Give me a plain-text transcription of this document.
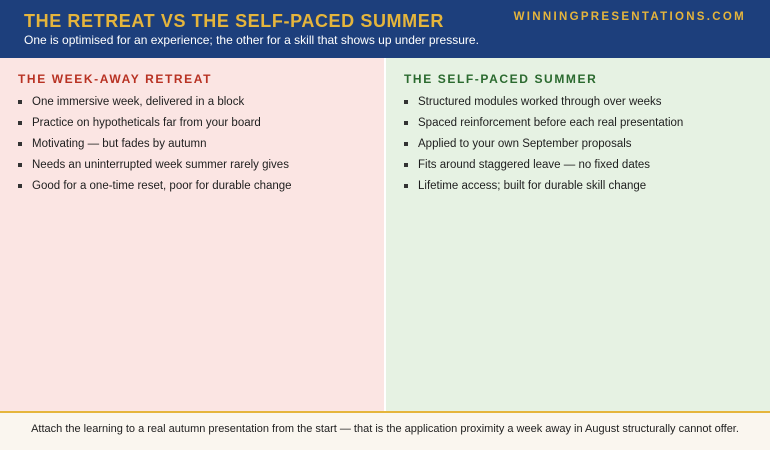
THE RETREAT VS THE SELF-PACED SUMMER
One is optimised for an experience; the other for a skill that shows up under pressure.
WINNINGPRESENTATIONS.COM
THE WEEK-AWAY RETREAT
One immersive week, delivered in a block
Practice on hypotheticals far from your board
Motivating — but fades by autumn
Needs an uninterrupted week summer rarely gives
Good for a one-time reset, poor for durable change
THE SELF-PACED SUMMER
Structured modules worked through over weeks
Spaced reinforcement before each real presentation
Applied to your own September proposals
Fits around staggered leave — no fixed dates
Lifetime access; built for durable skill change
Attach the learning to a real autumn presentation from the start — that is the application proximity a week away in August structurally cannot offer.
